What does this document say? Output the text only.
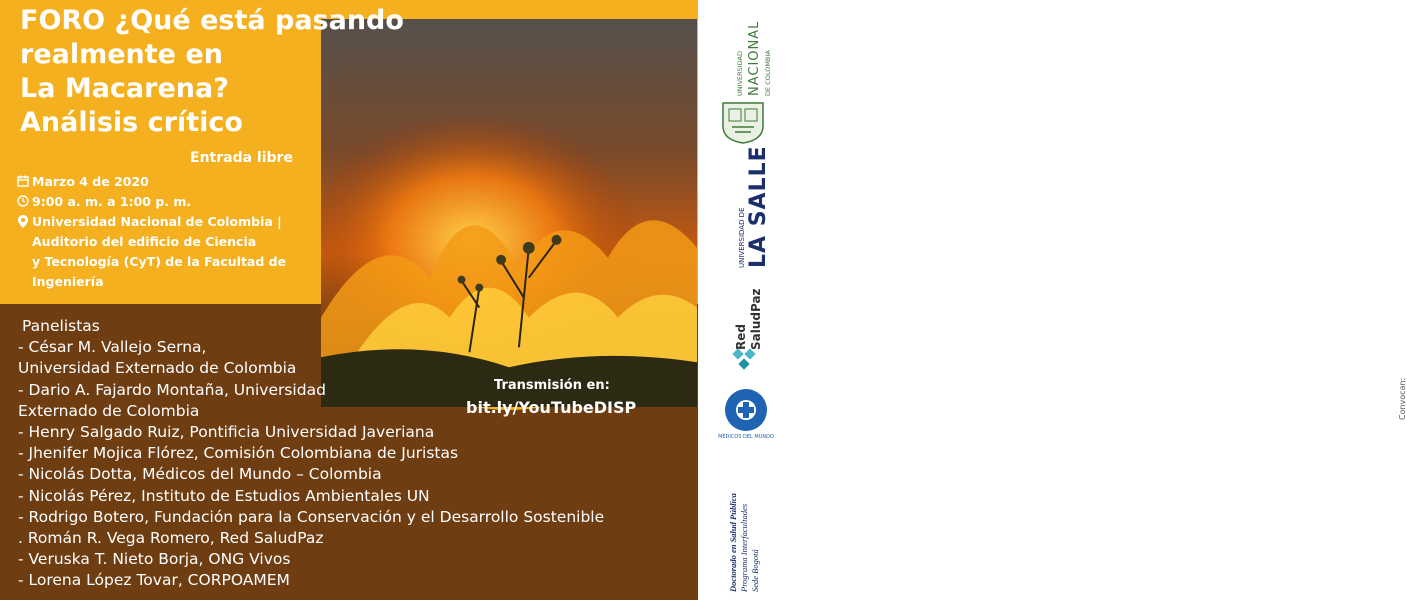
FORO ¿Qué está pasando
realmente en
La Macarena?
Análisis crítico
Entrada libre
Marzo 4 de 2020
9:00 a. m. a 1:00 p. m.
Universidad Nacional de Colombia |
Auditorio del edificio de Ciencia
y Tecnología (CyT) de la Facultad de
Ingeniería
Panelistas
- César M. Vallejo Serna,
Universidad Externado de Colombia
- Dario A. Fajardo Montaña, Universidad
Externado de Colombia
- Henry Salgado Ruiz, Pontificia Universidad Javeriana
- Jhenifer Mojica Flórez, Comisión Colombiana de Juristas
- Nicolás Dotta, Médicos del Mundo – Colombia
- Nicolás Pérez, Instituto de Estudios Ambientales UN
- Rodrigo Botero, Fundación para la Conservación y el Desarrollo Sostenible
. Román R. Vega Romero, Red SaludPaz
- Veruska T. Nieto Borja, ONG Vivos
- Lorena López Tovar, CORPOAMEM
Transmisión en:
bit.ly/YouTubeDISP
UNIVERSIDAD NACIONAL DE COLOMBIA
UNIVERSIDAD DE LA SALLE
Red SaludPaz
Convocan:
MÉDICOS DEL MUNDO
Doctorado en Salud Pública Programa Interfacultades Sede Bogotá
